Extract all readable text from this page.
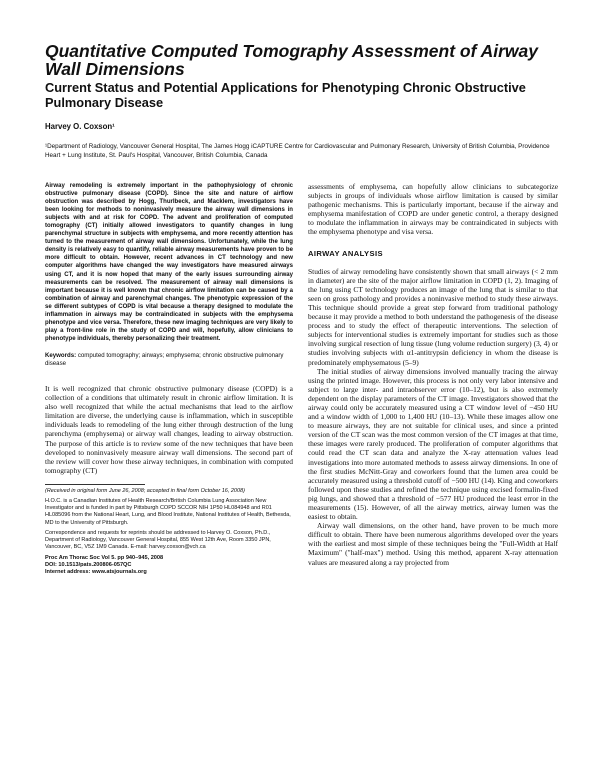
Quantitative Computed Tomography Assessment of Airway Wall Dimensions
Current Status and Potential Applications for Phenotyping Chronic Obstructive Pulmonary Disease
Harvey O. Coxson¹
¹Department of Radiology, Vancouver General Hospital, The James Hogg iCAPTURE Centre for Cardiovascular and Pulmonary Research, University of British Columbia, Providence Heart + Lung Institute, St. Paul's Hospital, Vancouver, British Columbia, Canada

Airway remodeling is extremely important in the pathophysiology of chronic obstructive pulmonary disease (COPD). Since the site and nature of airflow obstruction was described by Hogg, Thurlbeck, and Macklem, investigators have been looking for methods to noninvasively measure the airway wall dimensions in subjects with and at risk for COPD. The advent and proliferation of computed tomography (CT) initially allowed investigators to quantify changes in lung parenchymal structure in subjects with emphysema, and more recently attention has turned to the measurement of airway wall dimensions. Unfortunately, while the lung density is relatively easy to quantify, reliable airway measurements have proven to be more difficult to obtain. However, recent advances in CT technology and new computer algorithms have changed the way investigators have measured airways using CT, and it is now hoped that many of the early issues surrounding airway measurements can be resolved. The measurement of airway wall dimensions is important because it is well known that chronic airflow limitation can be caused by a combination of airway and parenchymal changes. The phenotypic expression of the se different subtypes of COPD is vital because a therapy designed to modulate the inflammation in airways may be contraindicated in subjects with the emphysema phenotype and vice versa. Therefore, these new imaging techniques are very likely to play a front-line role in the study of COPD and will, hopefully, allow clinicians to phenotype individuals, thereby personalizing their treatment.

Keywords: computed tomography; airways; emphysema; chronic obstructive pulmonary disease

It is well recognized that chronic obstructive pulmonary disease (COPD) is a collection of a conditions that ultimately result in chronic airflow limitation. It is also well recognized that while the actual mechanisms that lead to the airflow limitation are diverse, the underlying cause is inflammation, which in susceptible individuals leads to remodeling of the lung either through destruction of the lung parenchyma (emphysema) or airway wall changes, leading to airway obstruction. The purpose of this article is to review some of the new techniques that have been developed to noninvasively measure airway wall dimensions. The second part of the review will cover how these airway techniques, in combination with computed tomography (CT)

(Received in original form June 26, 2008; accepted in final form October 16, 2008)

H.O.C. is a Canadian Institutes of Health Research/British Columbia Lung Association New Investigator and is funded in part by Pittsburgh COPD SCCOR NIH 1P50 HL084948 and R01 HL085096 from the National Heart, Lung, and Blood Institute, National Institutes of Health, Bethesda, MD to the University of Pittsburgh.

Correspondence and requests for reprints should be addressed to Harvey O. Coxson, Ph.D., Department of Radiology, Vancouver General Hospital, 855 West 12th Ave, Room 3350 JPN, Vancouver, BC, V5Z 1M9 Canada. E-mail: harvey.coxson@vch.ca

Proc Am Thorac Soc Vol 5. pp 940–945, 2008

DOI: 10.1513/pats.200806-057QC

Internet address: www.atsjournals.org

assessments of emphysema, can hopefully allow clinicians to subcategorize subjects in groups of individuals whose airflow limitation is caused by similar pathogenic mechanisms. This is particularly important, because if the airway and emphysema manifestation of COPD are under genetic control, a therapy designed to modulate the inflammation in airways may be contraindicated in subjects with the emphysema phenotype and visa versa.

AIRWAY ANALYSIS

Studies of airway remodeling have consistently shown that small airways (< 2 mm in diameter) are the site of the major airflow limitation in COPD (1, 2). Imaging of the lung using CT technology produces an image of the lung that is similar to that seen on gross pathology and provides a noninvasive method to study these airways. This technique should provide a great step forward from traditional pathology because it may provide a method to both understand the pathogenesis of the disease process and to study the effect of therapeutic interventions. The selection of subjects for interventional studies is extremely important for studies such as those involving surgical resection of lung tissue (lung volume reduction surgery) (3, 4) or studies involving subjects with α1-antitrypsin deficiency in whom the disease is predominately emphysematous (5–9)

The initial studies of airway dimensions involved manually tracing the airway using the printed image. However, this process is not only very labor intensive and subject to large inter- and intraobserver error (10–12), but is also extremely dependent on the display parameters of the CT image. Investigators showed that the airway could only be accurately measured using a CT window level of −450 HU and a window width of 1,000 to 1,400 HU (10–13). While these images allow one to measure airways, they are not suitable for clinical uses, and since a printed version of the CT scan was the most common version of the CT images at that time, these images were rarely produced. The proliferation of computer algorithms that could read the CT scan data and analyze the X-ray attenuation values lead investigations into more automated methods to assess airway dimensions. In one of the first studies McNitt-Gray and coworkers found that the lumen area could be accurately measured using a threshold cutoff of −500 HU (14). King and coworkers followed upon these studies and refined the technique using excised formalin-fixed pig lungs, and showed that a threshold of −577 HU produced the least error in the measurements (15). However, of all the airway metrics, airway lumen was the easiest to obtain.

Airway wall dimensions, on the other hand, have proven to be much more difficult to obtain. There have been numerous algorithms developed over the years with the earliest and most simple of these techniques being the "Full-Width at Half Maximum" ("half-max") method. Using this method, apparent X-ray attenuation values are measured along a ray projected from
